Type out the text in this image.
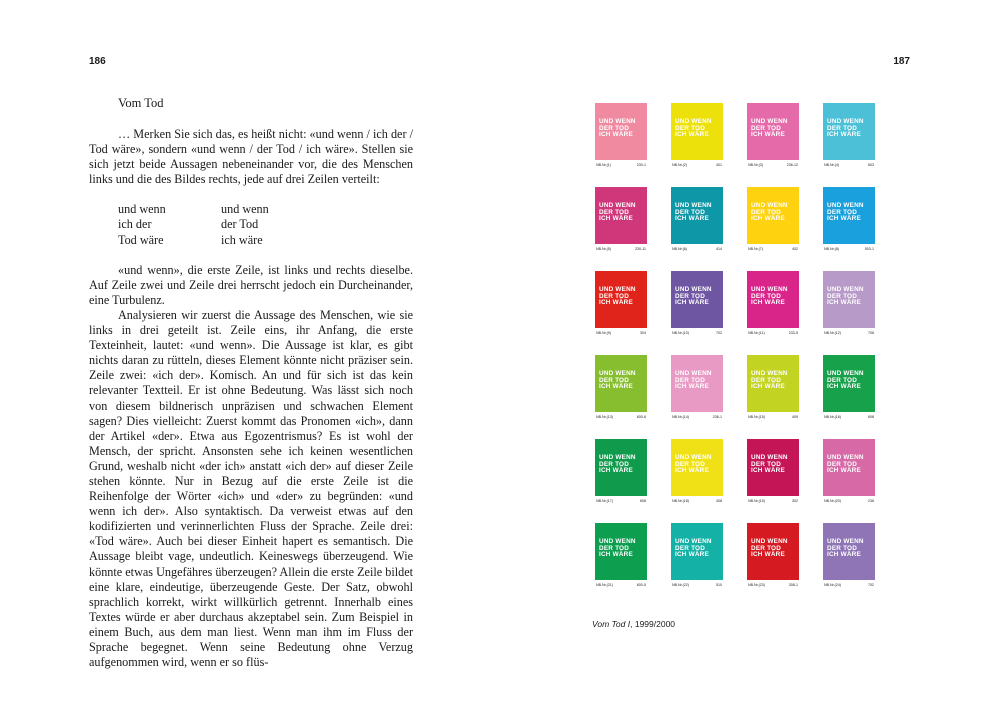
186
Vom Tod

… Merken Sie sich das, es heißt nicht: «und wenn / ich der / Tod wäre», sondern «und wenn / der Tod / ich wäre». Stellen sie sich jetzt beide Aussagen nebeneinander vor, die des Menschen links und die des Bildes rechts, jede auf drei Zeilen verteilt:

und wenn	und wenn
ich der	der Tod
Tod wäre	ich wäre

«und wenn», die erste Zeile, ist links und rechts dieselbe. Auf Zeile zwei und Zeile drei herrscht jedoch ein Durcheinander, eine Turbulenz.

Analysieren wir zuerst die Aussage des Menschen, wie sie links in drei geteilt ist. Zeile eins, ihr Anfang, die erste Texteinheit, lautet: «und wenn». Die Aussage ist klar, es gibt nichts daran zu rütteln, dieses Element könnte nicht präziser sein. Zeile zwei: «ich der». Komisch. An und für sich ist das kein relevanter Textteil. Er ist ohne Bedeutung. Was lässt sich noch von diesem bildnerisch unpräzisen und schwachen Element sagen? Dies vielleicht: Zuerst kommt das Pronomen «ich», dann der Artikel «der». Etwa aus Egozentrismus? Es ist wohl der Mensch, der spricht. Ansonsten sehe ich keinen wesentlichen Grund, weshalb nicht «der ich» anstatt «ich der» auf dieser Zeile stehen könnte. Nur in Bezug auf die erste Zeile ist die Reihenfolge der Wörter «ich» und «der» zu begründen: «und wenn ich der». Also syntaktisch. Da verweist etwas auf den kodifizierten und verinnerlichten Fluss der Sprache. Zeile drei: «Tod wäre». Auch bei dieser Einheit hapert es semantisch. Die Aussage bleibt vage, undeutlich. Keineswegs überzeugend. Wie könnte etwas Ungefähres überzeugen? Allein die erste Zeile bildet eine klare, eindeutige, überzeugende Geste. Der Satz, obwohl sprachlich korrekt, wirkt willkürlich getrennt. Innerhalb eines Textes würde er aber durchaus akzeptabel sein. Zum Beispiel in einem Buch, aus dem man liest. Wenn man ihm im Fluss der Sprache begegnet. Wenn seine Bedeutung ohne Verzug aufgenommen wird, wenn er so flüs-

187
UND WENN
DER TOD
ICH WÄRE
NB.Nr.(1)	230-1
UND WENN
DER TOD
ICH WÄRE
NB.Nr.(2)	401
UND WENN
DER TOD
ICH WÄRE
NB.Nr.(3)	236-12
UND WENN
DER TOD
ICH WÄRE
NB.Nr.(4)	603
UND WENN
DER TOD
ICH WÄRE
NB.Nr.(5)	230-11
UND WENN
DER TOD
ICH WÄRE
NB.Nr.(6)	414
UND WENN
DER TOD
ICH WÄRE
NB.Nr.(7)	402
UND WENN
DER TOD
ICH WÄRE
NB.Nr.(8)	503-1
UND WENN
DER TOD
ICH WÄRE
NB.Nr.(9)	304
UND WENN
DER TOD
ICH WÄRE
NB.Nr.(10)	702
UND WENN
DER TOD
ICH WÄRE
NB.Nr.(11)	233-5
UND WENN
DER TOD
ICH WÄRE
NB.Nr.(12)	706
UND WENN
DER TOD
ICH WÄRE
NB.Nr.(13)	600-6
UND WENN
DER TOD
ICH WÄRE
NB.Nr.(14)	236-1
UND WENN
DER TOD
ICH WÄRE
NB.Nr.(15)	409
UND WENN
DER TOD
ICH WÄRE
NB.Nr.(16)	608
UND WENN
DER TOD
ICH WÄRE
NB.Nr.(17)	608
UND WENN
DER TOD
ICH WÄRE
NB.Nr.(18)	408
UND WENN
DER TOD
ICH WÄRE
NB.Nr.(19)	302
UND WENN
DER TOD
ICH WÄRE
NB.Nr.(20)	236
UND WENN
DER TOD
ICH WÄRE
NB.Nr.(21)	600-5
UND WENN
DER TOD
ICH WÄRE
NB.Nr.(22)	510
UND WENN
DER TOD
ICH WÄRE
NB.Nr.(23)	308-1
UND WENN
DER TOD
ICH WÄRE
NB.Nr.(24)	702
Vom Tod I, 1999/2000
